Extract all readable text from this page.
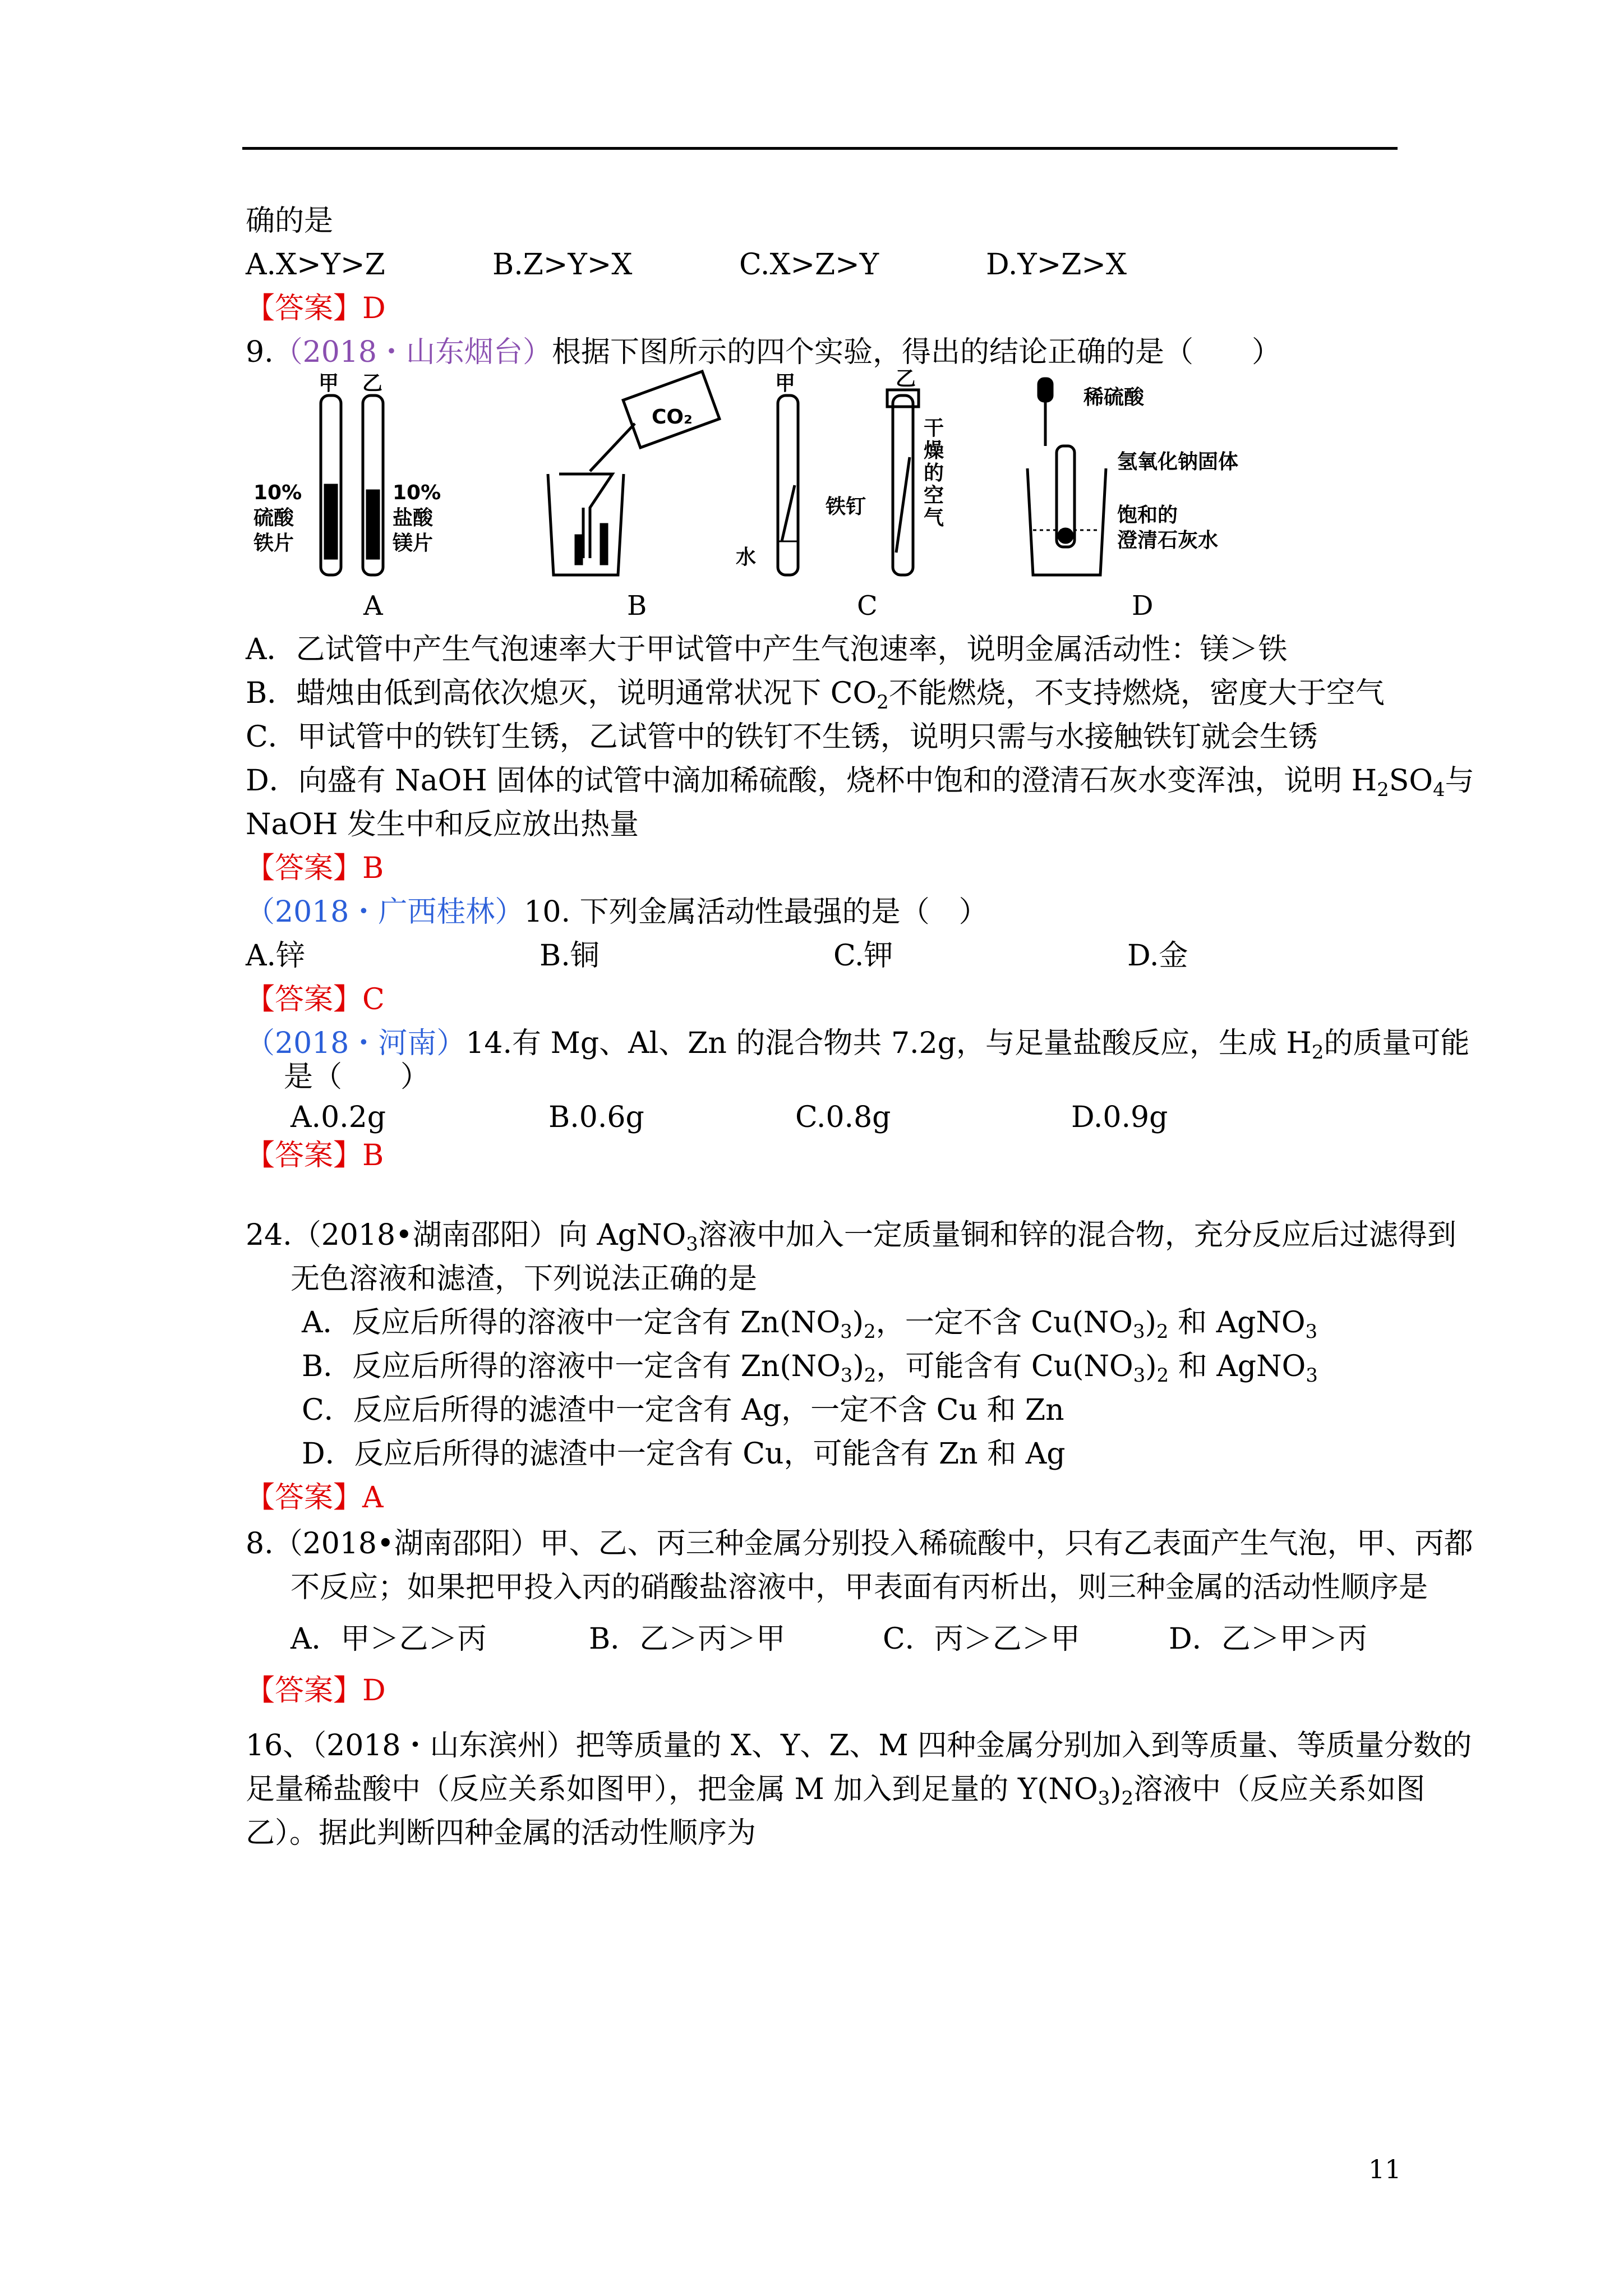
确的是
A.X>Y>Z	B.Z>Y>X	C.X>Z>Y	D.Y>Z>X
【答案】D
9.（2018・山东烟台）根据下图所示的四个实验，得出的结论正确的是（　　）
甲 乙
10%
硫酸
铁片
10%
盐酸
镁片
CO₂
甲	乙
干
燥
的
空
气
铁钉
水
稀硫酸
氢氧化钠固体
饱和的
澄清石灰水
A	B	C	D
A．乙试管中产生气泡速率大于甲试管中产生气泡速率，说明金属活动性：镁＞铁
B．蜡烛由低到高依次熄灭，说明通常状况下 $CO_2$不能燃烧，不支持燃烧，密度大于空气
C．甲试管中的铁钉生锈，乙试管中的铁钉不生锈，说明只需与水接触铁钉就会生锈
D．向盛有 NaOH 固体的试管中滴加稀硫酸，烧杯中饱和的澄清石灰水变浑浊，说明 $H_2SO_4$与
NaOH 发生中和反应放出热量
【答案】B
（2018・广西桂林）10. 下列金属活动性最强的是（　）
A.锌	B.铜	C.钾	D.金
【答案】C
（2018・河南）14.有 Mg、Al、Zn 的混合物共 7.2g，与足量盐酸反应，生成 $H_2$的质量可能
是（　　）
A.0.2g	B.0.6g	C.0.8g	D.0.9g
【答案】B
24.（2018•湖南邵阳）向 AgNO$_3$溶液中加入一定质量铜和锌的混合物，充分反应后过滤得到
无色溶液和滤渣，下列说法正确的是
A．反应后所得的溶液中一定含有 $Zn(NO_3)_2$，一定不含 $Cu(NO_3)_2$ 和 AgNO$_3$
B．反应后所得的溶液中一定含有 $Zn(NO_3)_2$，可能含有 $Cu(NO_3)_2$ 和 AgNO$_3$
C．反应后所得的滤渣中一定含有 Ag，一定不含 Cu 和 Zn
D．反应后所得的滤渣中一定含有 Cu，可能含有 Zn 和 Ag
【答案】A
8.（2018•湖南邵阳）甲、乙、丙三种金属分别投入稀硫酸中，只有乙表面产生气泡，甲、丙都
不反应；如果把甲投入丙的硝酸盐溶液中，甲表面有丙析出，则三种金属的活动性顺序是
A．甲＞乙＞丙	B．乙＞丙＞甲	C．丙＞乙＞甲	D．乙＞甲＞丙
【答案】D
16、（2018・山东滨州）把等质量的 X、Y、Z、M 四种金属分别加入到等质量、等质量分数的
足量稀盐酸中（反应关系如图甲），把金属 M 加入到足量的 $Y(NO_3)_2$溶液中（反应关系如图
乙）。据此判断四种金属的活动性顺序为
11
